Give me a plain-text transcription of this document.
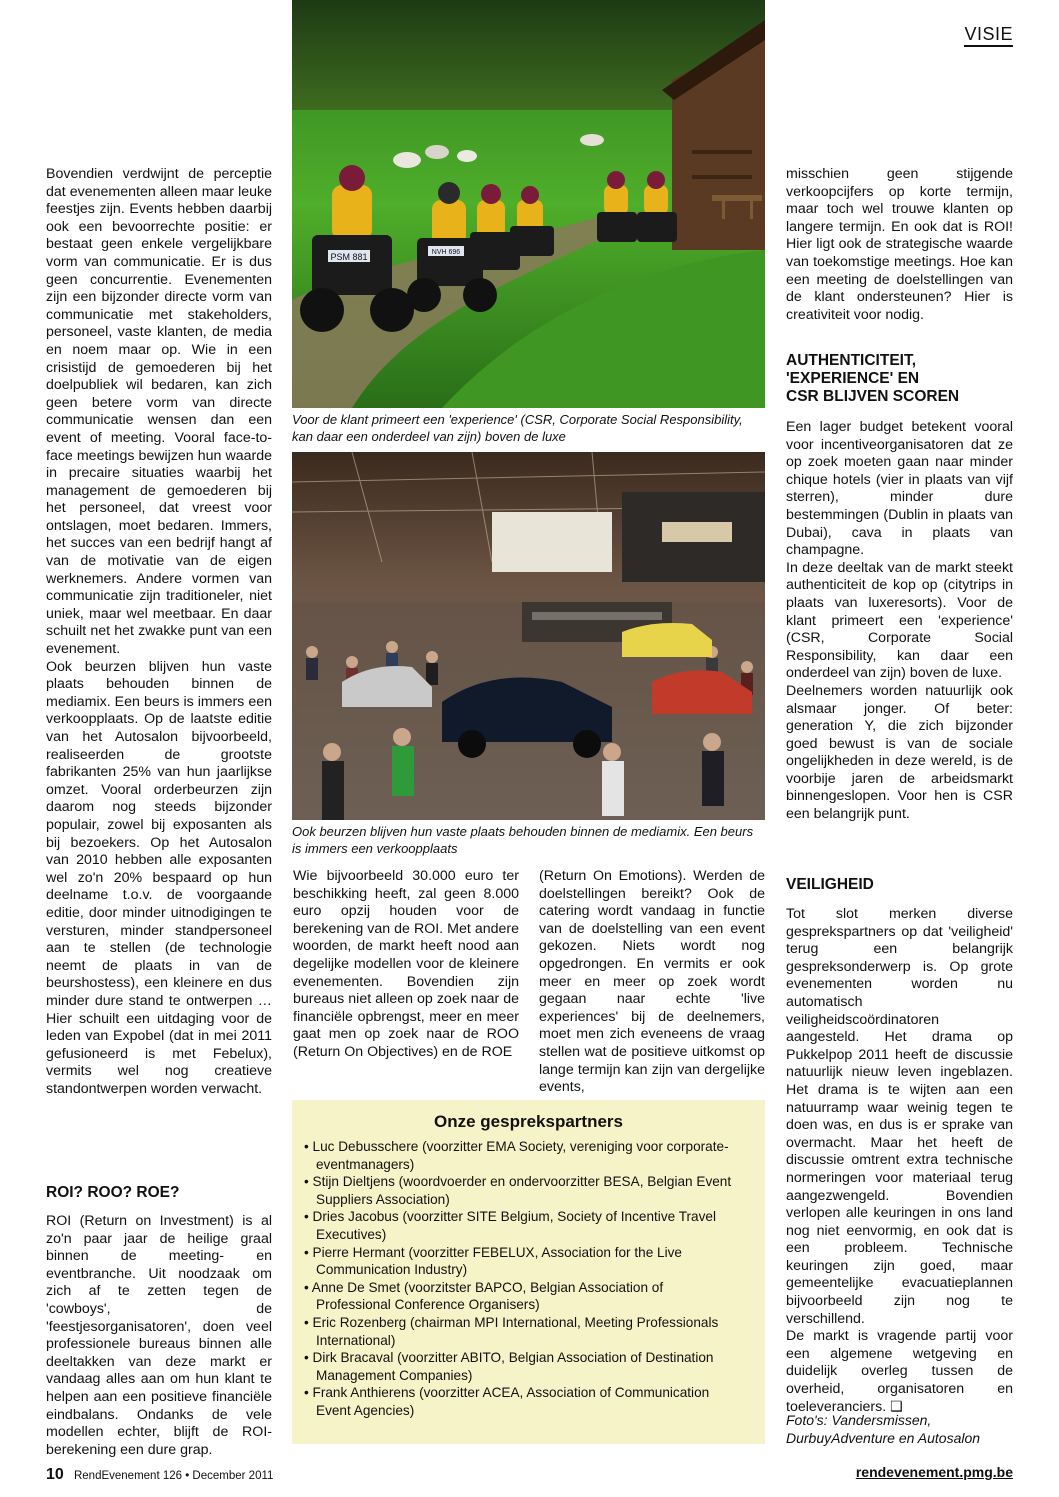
VISIE

Bovendien verdwijnt de perceptie dat evenementen alleen maar leuke feestjes zijn. Events hebben daarbij ook een bevoorrechte positie: er bestaat geen enkele vergelijkbare vorm van communicatie. Er is dus geen concurrentie. Evenementen zijn een bijzonder directe vorm van communicatie met stakeholders, personeel, vaste klanten, de media en noem maar op. Wie in een crisistijd de gemoederen bij het doelpubliek wil bedaren, kan zich geen betere vorm van directe communicatie wensen dan een event of meeting. Vooral face-to-face meetings bewijzen hun waarde in precaire situaties waarbij het management de gemoederen bij het personeel, dat vreest voor ontslagen, moet bedaren. Immers, het succes van een bedrijf hangt af van de motivatie van de eigen werknemers. Andere vormen van communicatie zijn traditioneler, niet uniek, maar wel meetbaar. En daar schuilt net het zwakke punt van een evenement.

Ook beurzen blijven hun vaste plaats behouden binnen de mediamix. Een beurs is immers een verkoopplaats. Op de laatste editie van het Autosalon bijvoorbeeld, realiseerden de grootste fabrikanten 25% van hun jaarlijkse omzet. Vooral orderbeurzen zijn daarom nog steeds bijzonder populair, zowel bij exposanten als bij bezoekers. Op het Autosalon van 2010 hebben alle exposanten wel zo'n 20% bespaard op hun deelname t.o.v. de voorgaande editie, door minder uitnodigingen te versturen, minder standpersoneel aan te stellen (de technologie neemt de plaats in van de beurshostess), een kleinere en dus minder dure stand te ontwerpen … Hier schuilt een uitdaging voor de leden van Expobel (dat in mei 2011 gefusioneerd is met Febelux), vermits wel nog creatieve standontwerpen worden verwacht.

ROI? ROO? ROE?

ROI (Return on Investment) is al zo'n paar jaar de heilige graal binnen de meeting- en eventbranche. Uit noodzaak om zich af te zetten tegen de 'cowboys', de 'feestjesorganisatoren', doen veel professionele bureaus binnen alle deeltakken van deze markt er vandaag alles aan om hun klant te helpen aan een positieve financiële eindbalans. Ondanks de vele modellen echter, blijft de ROI-berekening een dure grap.

PSM 881	NVH 696
Voor de klant primeert een 'experience' (CSR, Corporate Social Responsibility, kan daar een onderdeel van zijn) boven de luxe
Ook beurzen blijven hun vaste plaats behouden binnen de mediamix. Een beurs is immers een verkoopplaats

Wie bijvoorbeeld 30.000 euro ter beschikking heeft, zal geen 8.000 euro opzij houden voor de berekening van de ROI. Met andere woorden, de markt heeft nood aan degelijke modellen voor de kleinere evenementen. Bovendien zijn bureaus niet alleen op zoek naar de financiële opbrengst, meer en meer gaat men op zoek naar de ROO (Return On Objectives) en de ROE

(Return On Emotions). Werden de doelstellingen bereikt? Ook de catering wordt vandaag in functie van de doelstelling van een event gekozen. Niets wordt nog opgedrongen. En vermits er ook meer en meer op zoek wordt gegaan naar echte 'live experiences' bij de deelnemers, moet men zich eveneens de vraag stellen wat de positieve uitkomst op lange termijn kan zijn van dergelijke events,

Onze gesprekspartners
• Luc Debusschere (voorzitter EMA Society, vereniging voor corporate-eventmanagers)
• Stijn Dieltjens (woordvoerder en ondervoorzitter BESA, Belgian Event Suppliers Association)
• Dries Jacobus (voorzitter SITE Belgium, Society of Incentive Travel Executives)
• Pierre Hermant (voorzitter FEBELUX, Association for the Live Communication Industry)
• Anne De Smet (voorzitster BAPCO, Belgian Association of Professional Conference Organisers)
• Eric Rozenberg (chairman MPI International, Meeting Professionals International)
• Dirk Bracaval (voorzitter ABITO, Belgian Association of Destination Management Companies)
• Frank Anthierens (voorzitter ACEA, Association of Communication Event Agencies)

misschien geen stijgende verkoopcijfers op korte termijn, maar toch wel trouwe klanten op langere termijn. En ook dat is ROI! Hier ligt ook de strategische waarde van toekomstige meetings. Hoe kan een meeting de doelstellingen van de klant ondersteunen? Hier is creativiteit voor nodig.

AUTHENTICITEIT,

'EXPERIENCE' EN

CSR BLIJVEN SCOREN

Een lager budget betekent vooral voor incentiveorganisatoren dat ze op zoek moeten gaan naar minder chique hotels (vier in plaats van vijf sterren), minder dure bestemmingen (Dublin in plaats van Dubai), cava in plaats van champagne.

In deze deeltak van de markt steekt authenticiteit de kop op (citytrips in plaats van luxeresorts). Voor de klant primeert een 'experience' (CSR, Corporate Social Responsibility, kan daar een onderdeel van zijn) boven de luxe.

Deelnemers worden natuurlijk ook alsmaar jonger. Of beter: generation Y, die zich bijzonder goed bewust is van de sociale ongelijkheden in deze wereld, is de voorbije jaren de arbeidsmarkt binnengeslopen. Voor hen is CSR een belangrijk punt.

VEILIGHEID

Tot slot merken diverse gesprekspartners op dat 'veiligheid' terug een belangrijk gespreksonderwerp is. Op grote evenementen worden nu automatisch veiligheidscoördinatoren aangesteld. Het drama op Pukkelpop 2011 heeft de discussie natuurlijk nieuw leven ingeblazen. Het drama is te wijten aan een natuurramp waar weinig tegen te doen was, en dus is er sprake van overmacht. Maar het heeft de discussie omtrent extra technische normeringen voor materiaal terug aangezwengeld. Bovendien verlopen alle keuringen in ons land nog niet eenvormig, en ook dat is een probleem. Technische keuringen zijn goed, maar gemeentelijke evacuatieplannen bijvoorbeeld zijn nog te verschillend.

De markt is vragende partij voor een algemene wetgeving en duidelijk overleg tussen de overheid, organisatoren en toeleveranciers. ❑

Foto's: Vandersmissen,
DurbuyAdventure en Autosalon
10 RendEvenement 126 • December 2011	rendevenement.pmg.be
